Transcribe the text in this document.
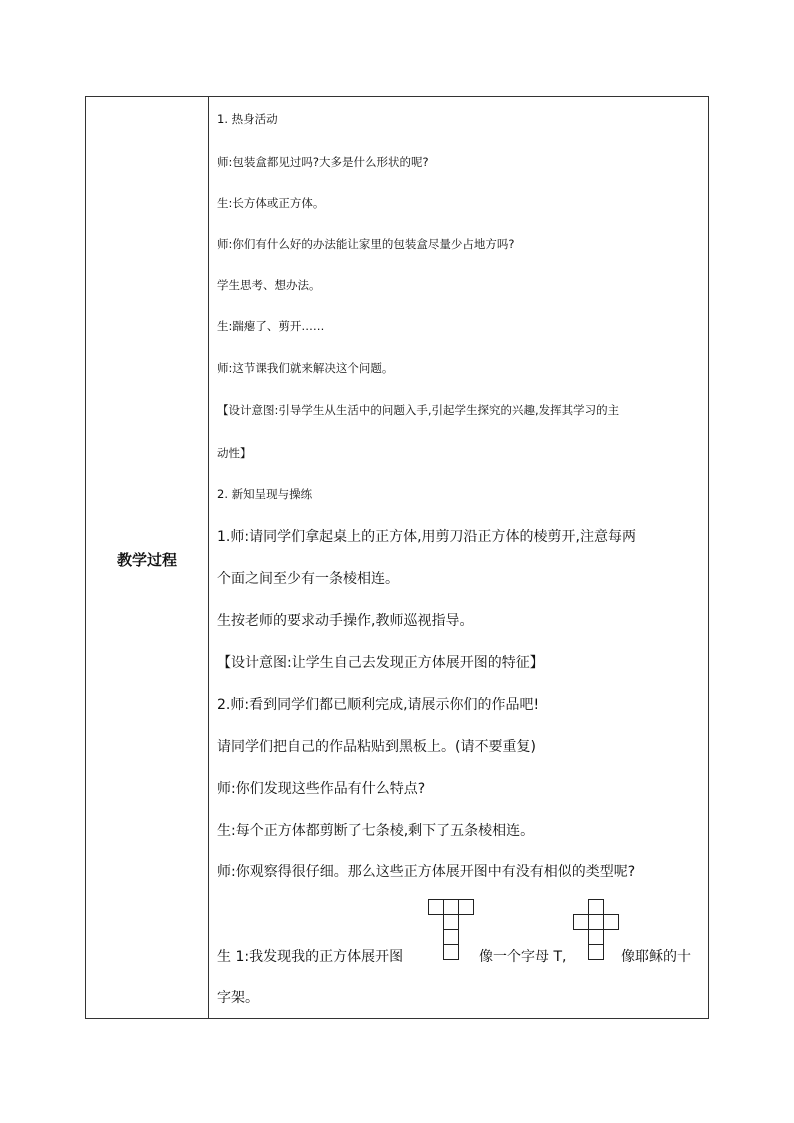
教学过程
1. 热身活动
师:包装盒都见过吗?大多是什么形状的呢?
生:长方体或正方体。
师:你们有什么好的办法能让家里的包装盒尽量少占地方吗?
学生思考、想办法。
生:踹瘪了、剪开……
师:这节课我们就来解决这个问题。
【设计意图:引导学生从生活中的问题入手,引起学生探究的兴趣,发挥其学习的主
动性】
2. 新知呈现与操练
1.师:请同学们拿起桌上的正方体,用剪刀沿正方体的棱剪开,注意每两
个面之间至少有一条棱相连。
生按老师的要求动手操作,教师巡视指导。
【设计意图:让学生自己去发现正方体展开图的特征】
2.师:看到同学们都已顺利完成,请展示你们的作品吧!
请同学们把自己的作品粘贴到黑板上。(请不要重复)
师:你们发现这些作品有什么特点?
生:每个正方体都剪断了七条棱,剩下了五条棱相连。
师:你观察得很仔细。那么这些正方体展开图中有没有相似的类型呢?
生 1:我发现我的正方体展开图	像一个字母 T,	像耶稣的十
字架。
